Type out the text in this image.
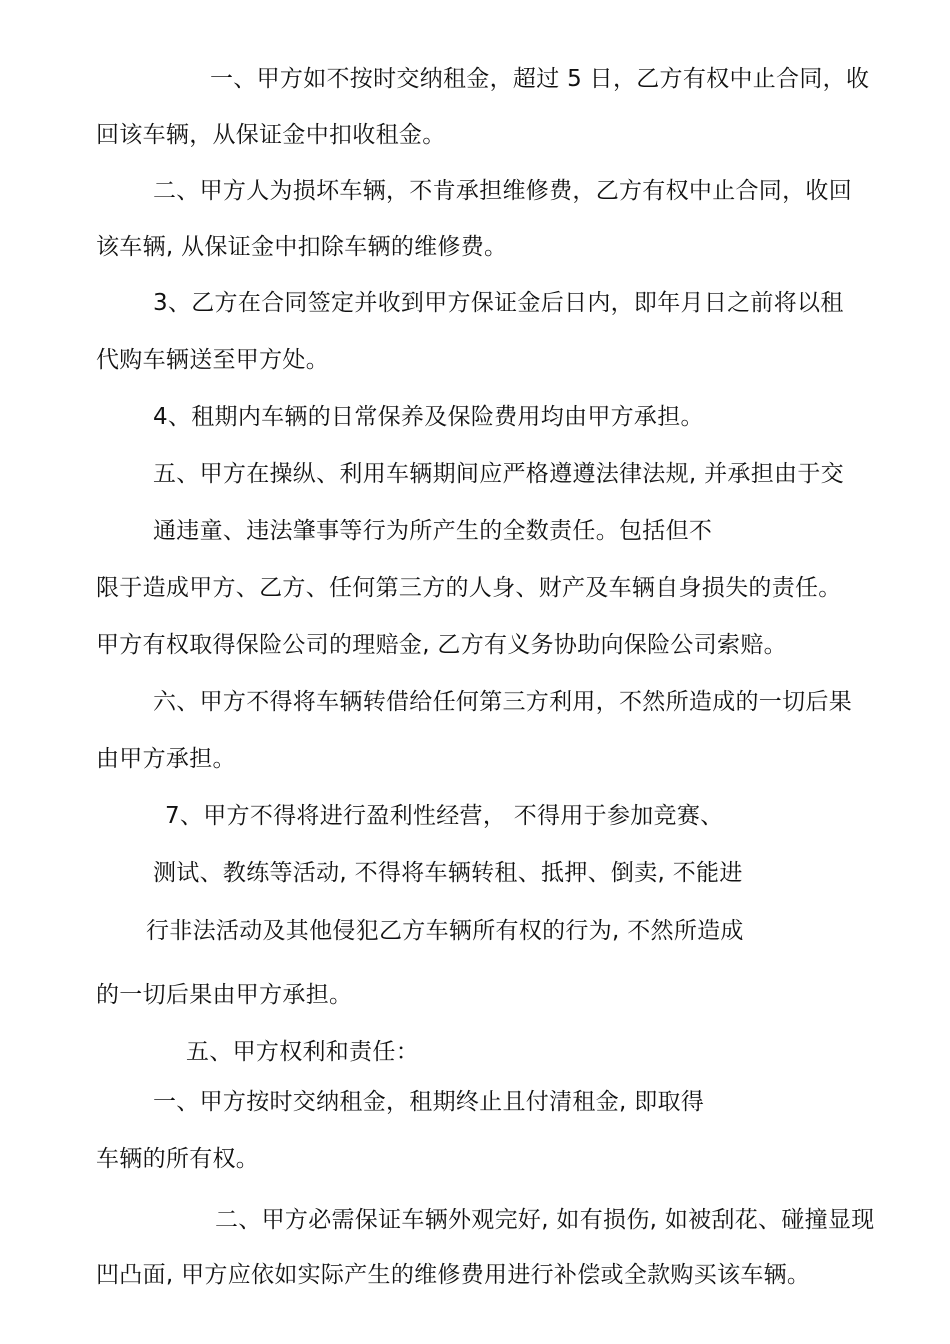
一、甲方如不按时交纳租金，超过 5 日，乙方有权中止合同，收
回该车辆，从保证金中扣收租金。
二、甲方人为损坏车辆，不肯承担维修费，乙方有权中止合同，收回
该车辆, 从保证金中扣除车辆的维修费。
3、乙方在合同签定并收到甲方保证金后日内，即年月日之前将以租
代购车辆送至甲方处。
4、租期内车辆的日常保养及保险费用均由甲方承担。
五、甲方在操纵、利用车辆期间应严格遵遵法律法规, 并承担由于交
通违童、违法肇事等行为所产生的全数责任。包括但不
限于造成甲方、乙方、任何第三方的人身、财产及车辆自身损失的责任。
甲方有权取得保险公司的理赔金, 乙方有义务协助向保险公司索赔。
六、甲方不得将车辆转借给任何第三方利用，不然所造成的一切后果
由甲方承担。
7、甲方不得将进行盈利性经营， 不得用于参加竞赛、
测试、教练等活动, 不得将车辆转租、抵押、倒卖, 不能进
行非法活动及其他侵犯乙方车辆所有权的行为, 不然所造成
的一切后果由甲方承担。
五、甲方权利和责任：
一、甲方按时交纳租金，租期终止且付清租金, 即取得
车辆的所有权。
二、甲方必需保证车辆外观完好, 如有损伤, 如被刮花、碰撞显现
凹凸面, 甲方应依如实际产生的维修费用进行补偿或全款购买该车辆。
